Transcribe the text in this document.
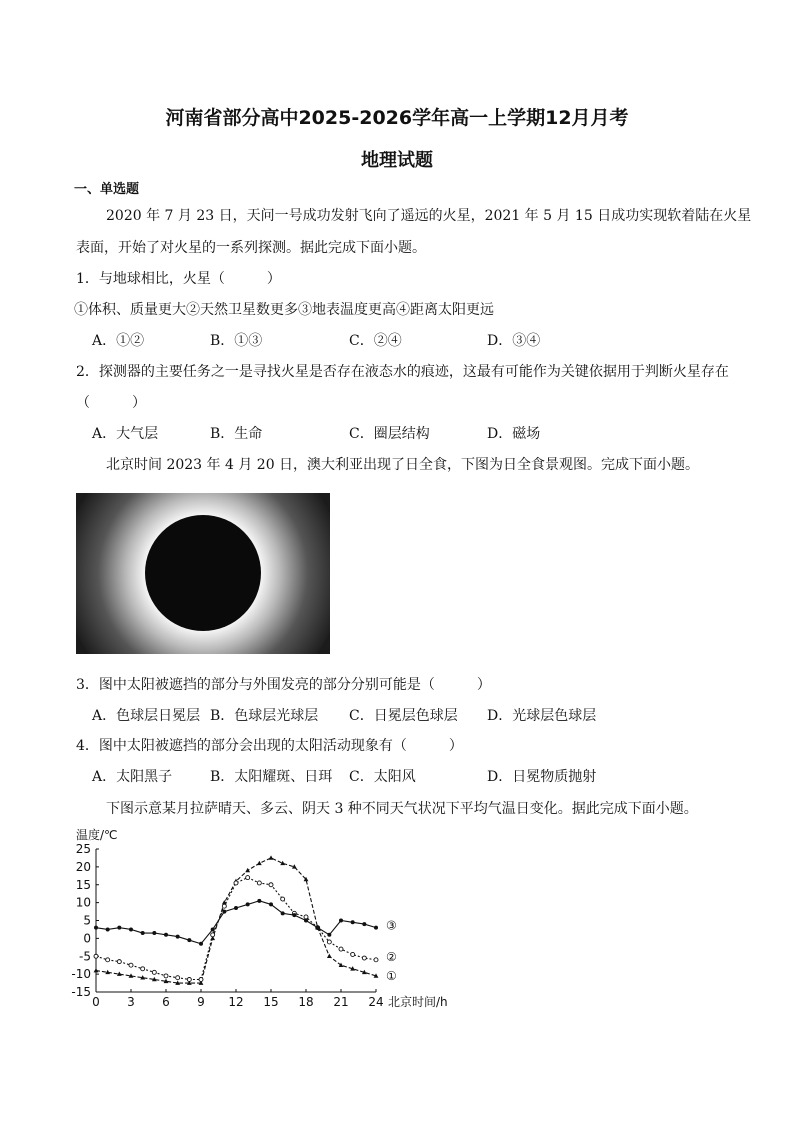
河南省部分高中2025-2026学年高一上学期12月月考
地理试题
一、单选题
2020 年 7 月 23 日，天问一号成功发射飞向了遥远的火星，2021 年 5 月 15 日成功实现软着陆在火星
表面，开始了对火星的一系列探测。据此完成下面小题。
1．与地球相比，火星（　　　）
①体积、质量更大②天然卫星数更多③地表温度更高④距离太阳更远
A．①②	B．①③	C．②④	D．③④
2．探测器的主要任务之一是寻找火星是否存在液态水的痕迹，这最有可能作为关键依据用于判断火星存在
（　　　）
A．大气层	B．生命	C．圈层结构	D．磁场
北京时间 2023 年 4 月 20 日，澳大利亚出现了日全食，下图为日全食景观图。完成下面小题。
3．图中太阳被遮挡的部分与外围发亮的部分分别可能是（　　　）
A．色球层日冕层 B．色球层光球层 C．日冕层色球层 D．光球层色球层
4．图中太阳被遮挡的部分会出现的太阳活动现象有（　　　）
A．太阳黑子	B．太阳耀斑、日珥 C．太阳风	D．日冕物质抛射
下图示意某月拉萨晴天、多云、阴天 3 种不同天气状况下平均气温日变化。据此完成下面小题。
25
20
15
10
5
0
-5
-10
-15
0 3 6 9 12 15 18 21 24
温度/℃
北京时间/h
①
②
③
